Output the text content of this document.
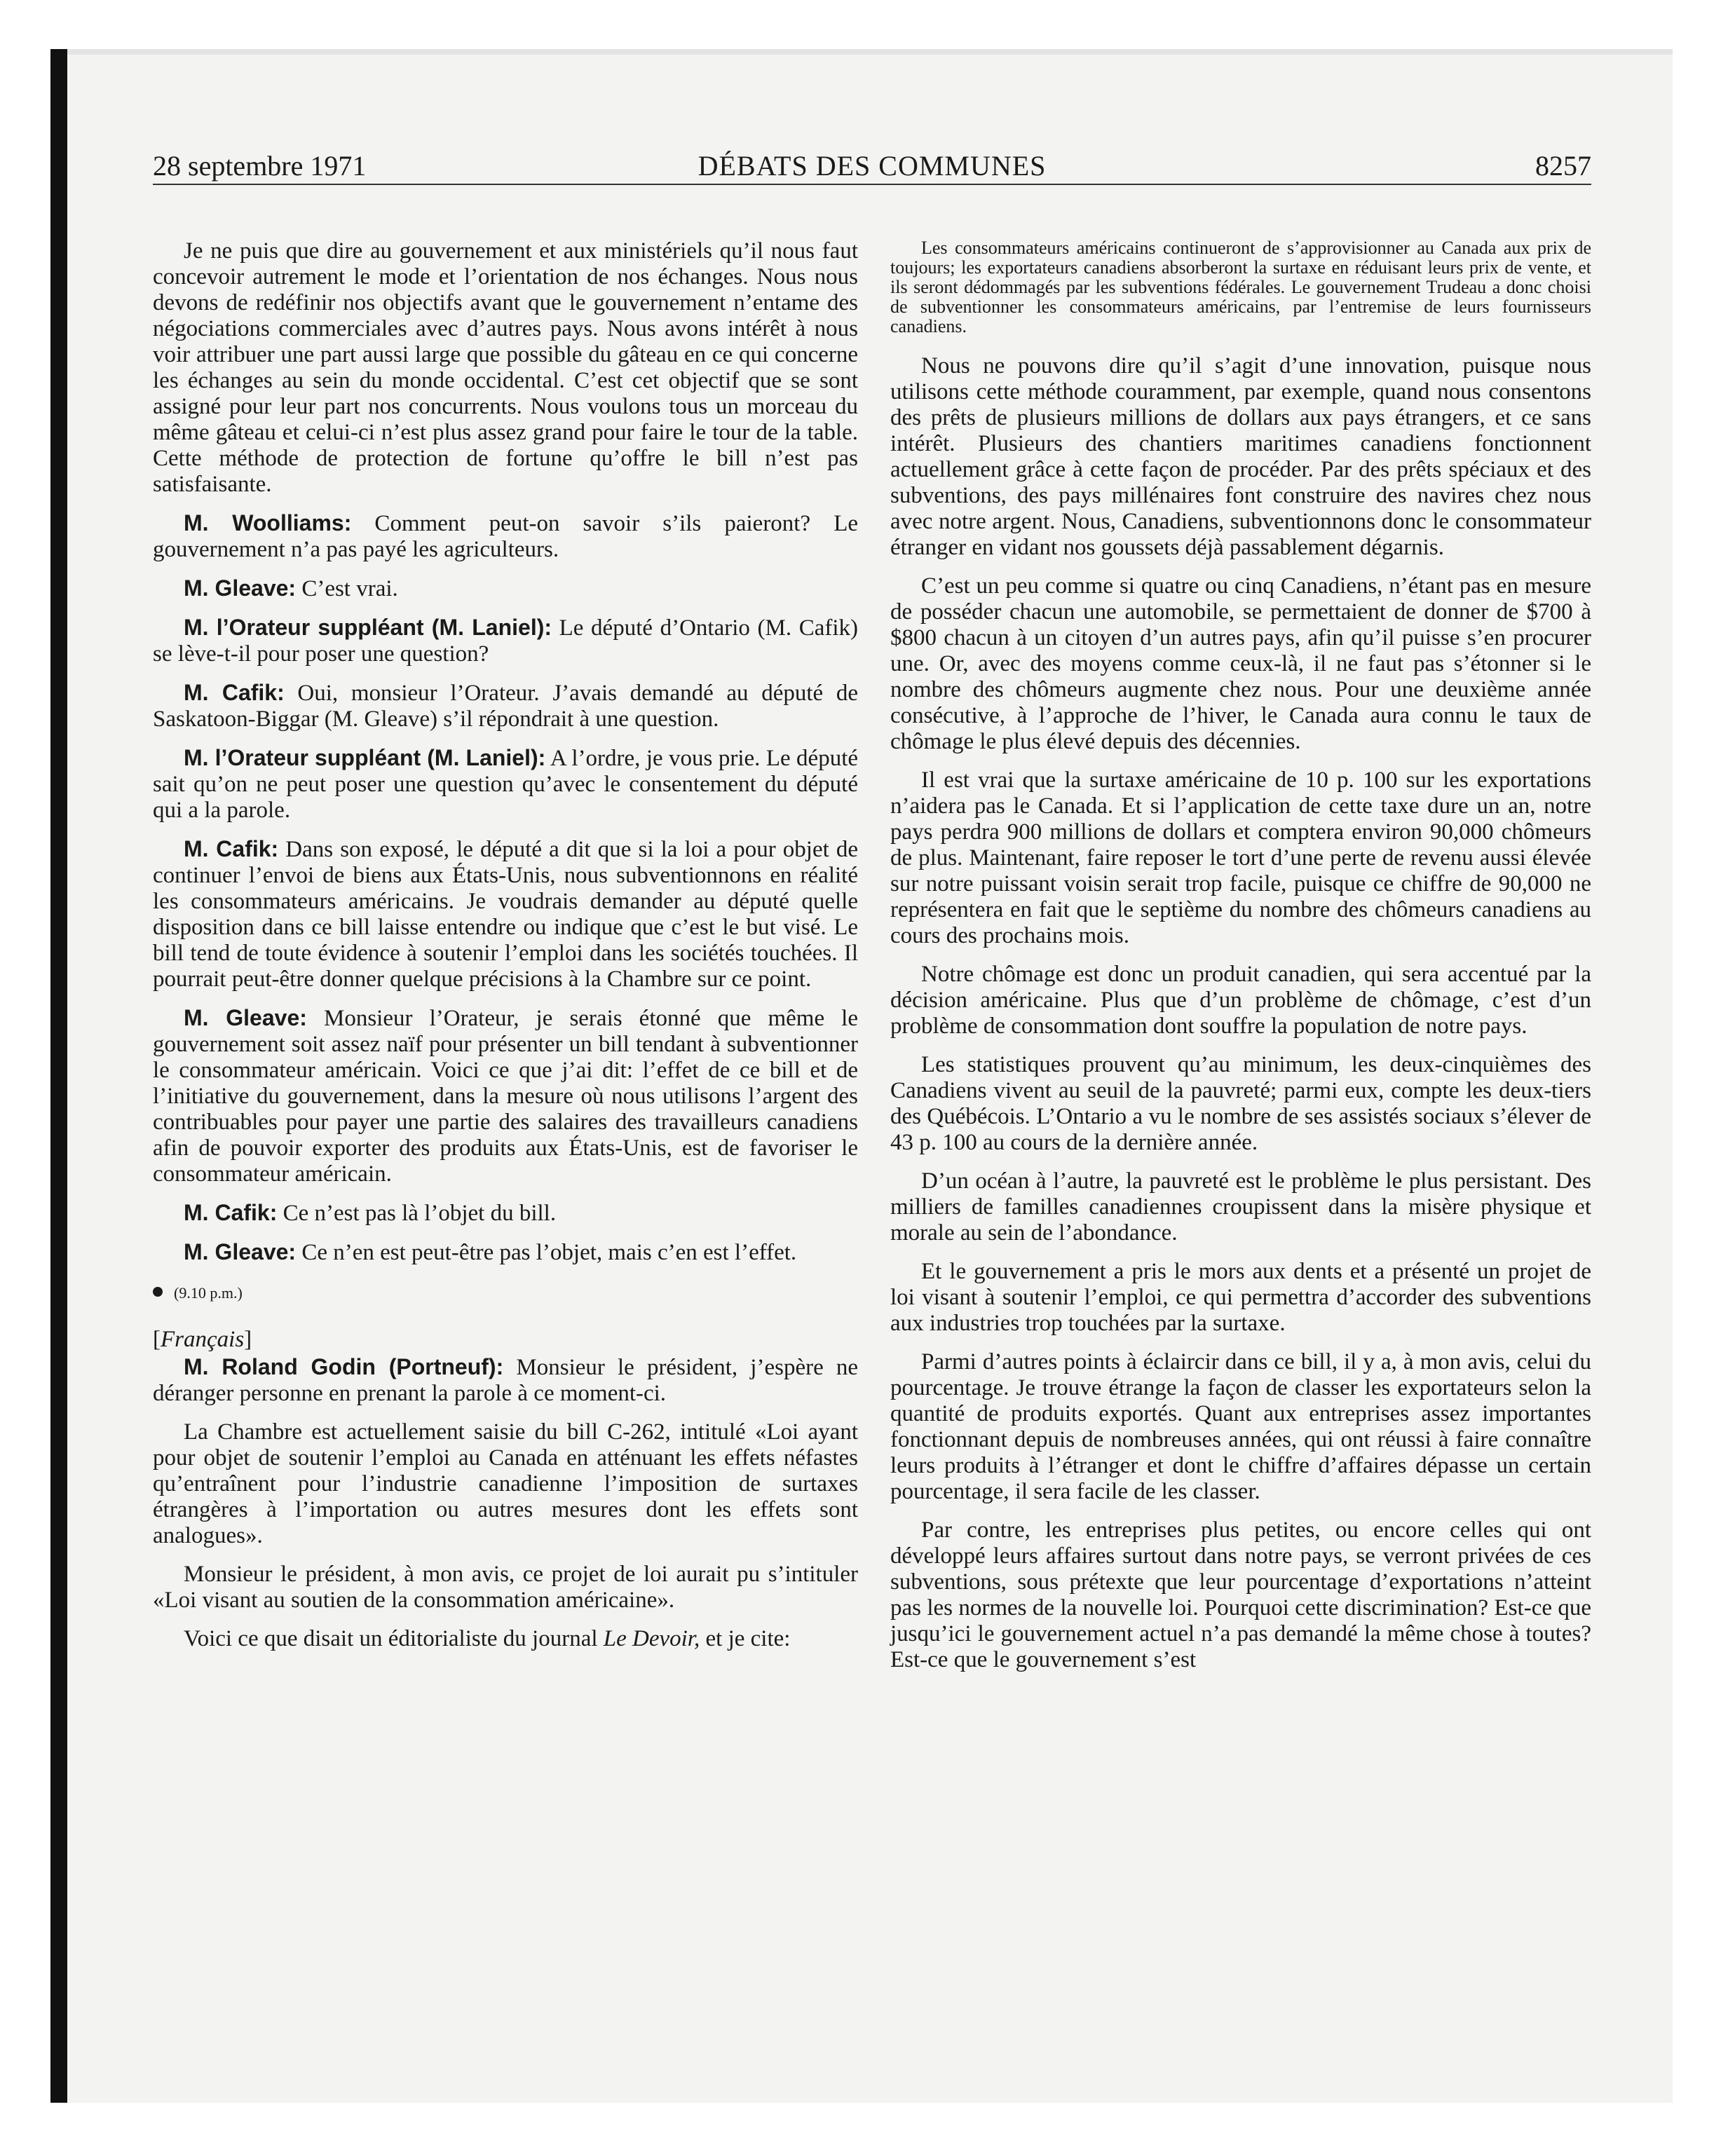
28 septembre 1971	DÉBATS DES COMMUNES	8257

Je ne puis que dire au gouvernement et aux ministériels qu’il nous faut concevoir autrement le mode et l’orientation de nos échanges. Nous nous devons de redéfinir nos objectifs avant que le gouvernement n’entame des négociations commerciales avec d’autres pays. Nous avons intérêt à nous voir attribuer une part aussi large que possible du gâteau en ce qui concerne les échanges au sein du monde occidental. C’est cet objectif que se sont assigné pour leur part nos concurrents. Nous voulons tous un morceau du même gâteau et celui-ci n’est plus assez grand pour faire le tour de la table. Cette méthode de protection de fortune qu’offre le bill n’est pas satisfaisante.

M. Woolliams: Comment peut-on savoir s’ils paieront? Le gouvernement n’a pas payé les agriculteurs.

M. Gleave: C’est vrai.

M. l’Orateur suppléant (M. Laniel): Le député d’Ontario (M. Cafik) se lève-t-il pour poser une question?

M. Cafik: Oui, monsieur l’Orateur. J’avais demandé au député de Saskatoon-Biggar (M. Gleave) s’il répondrait à une question.

M. l’Orateur suppléant (M. Laniel): A l’ordre, je vous prie. Le député sait qu’on ne peut poser une question qu’avec le consentement du député qui a la parole.

M. Cafik: Dans son exposé, le député a dit que si la loi a pour objet de continuer l’envoi de biens aux États-Unis, nous subventionnons en réalité les consommateurs américains. Je voudrais demander au député quelle disposition dans ce bill laisse entendre ou indique que c’est le but visé. Le bill tend de toute évidence à soutenir l’emploi dans les sociétés touchées. Il pourrait peut-être donner quelque précisions à la Chambre sur ce point.

M. Gleave: Monsieur l’Orateur, je serais étonné que même le gouvernement soit assez naïf pour présenter un bill tendant à subventionner le consommateur américain. Voici ce que j’ai dit: l’effet de ce bill et de l’initiative du gouvernement, dans la mesure où nous utilisons l’argent des contribuables pour payer une partie des salaires des travailleurs canadiens afin de pouvoir exporter des produits aux États-Unis, est de favoriser le consommateur américain.

M. Cafik: Ce n’est pas là l’objet du bill.

M. Gleave: Ce n’en est peut-être pas l’objet, mais c’en est l’effet.

(9.10 p.m.)

[Français]

M. Roland Godin (Portneuf): Monsieur le président, j’espère ne déranger personne en prenant la parole à ce moment-ci.

La Chambre est actuellement saisie du bill C-262, intitulé «Loi ayant pour objet de soutenir l’emploi au Canada en atténuant les effets néfastes qu’entraînent pour l’industrie canadienne l’imposition de surtaxes étrangères à l’importation ou autres mesures dont les effets sont analogues».

Monsieur le président, à mon avis, ce projet de loi aurait pu s’intituler «Loi visant au soutien de la consommation américaine».

Voici ce que disait un éditorialiste du journal Le Devoir, et je cite:

Les consommateurs américains continueront de s’approvisionner au Canada aux prix de toujours; les exportateurs canadiens absorberont la surtaxe en réduisant leurs prix de vente, et ils seront dédommagés par les subventions fédérales. Le gouvernement Trudeau a donc choisi de subventionner les consommateurs américains, par l’entremise de leurs fournisseurs canadiens.

Nous ne pouvons dire qu’il s’agit d’une innovation, puisque nous utilisons cette méthode couramment, par exemple, quand nous consentons des prêts de plusieurs millions de dollars aux pays étrangers, et ce sans intérêt. Plusieurs des chantiers maritimes canadiens fonctionnent actuellement grâce à cette façon de procéder. Par des prêts spéciaux et des subventions, des pays millénaires font construire des navires chez nous avec notre argent. Nous, Canadiens, subventionnons donc le consommateur étranger en vidant nos goussets déjà passablement dégarnis.

C’est un peu comme si quatre ou cinq Canadiens, n’étant pas en mesure de posséder chacun une automobile, se permettaient de donner de $700 à $800 chacun à un citoyen d’un autres pays, afin qu’il puisse s’en procurer une. Or, avec des moyens comme ceux-là, il ne faut pas s’étonner si le nombre des chômeurs augmente chez nous. Pour une deuxième année consécutive, à l’approche de l’hiver, le Canada aura connu le taux de chômage le plus élevé depuis des décennies.

Il est vrai que la surtaxe américaine de 10 p. 100 sur les exportations n’aidera pas le Canada. Et si l’application de cette taxe dure un an, notre pays perdra 900 millions de dollars et comptera environ 90,000 chômeurs de plus. Maintenant, faire reposer le tort d’une perte de revenu aussi élevée sur notre puissant voisin serait trop facile, puisque ce chiffre de 90,000 ne représentera en fait que le septième du nombre des chômeurs canadiens au cours des prochains mois.

Notre chômage est donc un produit canadien, qui sera accentué par la décision américaine. Plus que d’un problème de chômage, c’est d’un problème de consommation dont souffre la population de notre pays.

Les statistiques prouvent qu’au minimum, les deux-cinquièmes des Canadiens vivent au seuil de la pauvreté; parmi eux, compte les deux-tiers des Québécois. L’Ontario a vu le nombre de ses assistés sociaux s’élever de 43 p. 100 au cours de la dernière année.

D’un océan à l’autre, la pauvreté est le problème le plus persistant. Des milliers de familles canadiennes croupissent dans la misère physique et morale au sein de l’abondance.

Et le gouvernement a pris le mors aux dents et a présenté un projet de loi visant à soutenir l’emploi, ce qui permettra d’accorder des subventions aux industries trop touchées par la surtaxe.

Parmi d’autres points à éclaircir dans ce bill, il y a, à mon avis, celui du pourcentage. Je trouve étrange la façon de classer les exportateurs selon la quantité de produits exportés. Quant aux entreprises assez importantes fonctionnant depuis de nombreuses années, qui ont réussi à faire connaître leurs produits à l’étranger et dont le chiffre d’affaires dépasse un certain pourcentage, il sera facile de les classer.

Par contre, les entreprises plus petites, ou encore celles qui ont développé leurs affaires surtout dans notre pays, se verront privées de ces subventions, sous prétexte que leur pourcentage d’exportations n’atteint pas les normes de la nouvelle loi. Pourquoi cette discrimination? Est-ce que jusqu’ici le gouvernement actuel n’a pas demandé la même chose à toutes? Est-ce que le gouvernement s’est
